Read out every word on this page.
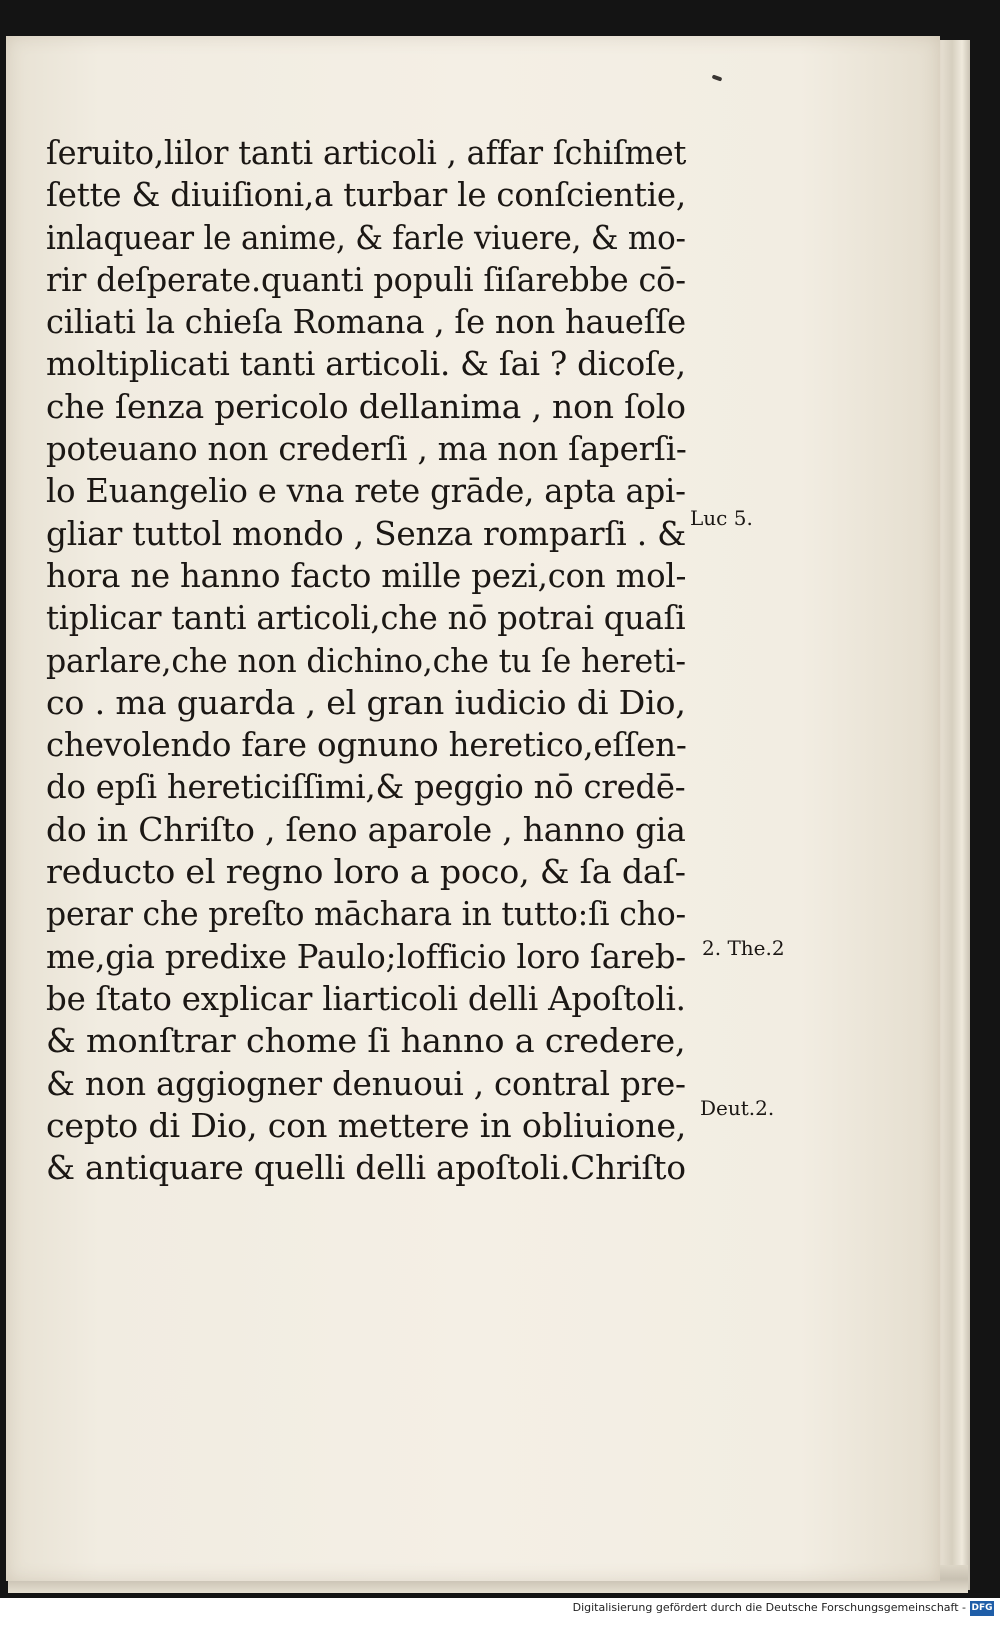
ſeruito,lilor tanti articoli , affar ſchiſmet
ſette & diuiſioni,a turbar le conſcientie,
inlaquear le anime, & farle viuere, & mo-
rir deſperate.quanti populi ſiſarebbe cō-
ciliati la chieſa Romana , ſe non haueſſe
moltiplicati tanti articoli. & ſai ? dicoſe,
che ſenza pericolo dellanima , non ſolo
poteuano non crederſi , ma non ſaperſi-
lo Euangelio e vna rete grāde, apta api-
gliar tuttol mondo , Senza romparſi . &
hora ne hanno facto mille pezi,con mol-
tiplicar tanti articoli,che nō potrai quaſi
parlare,che non dichino,che tu ſe hereti-
co . ma guarda , el gran iudicio di Dio,
chevolendo fare ognuno heretico,eſſen-
do epſi hereticiſſimi,& peggio nō credē-
do in Chriſto , ſeno aparole , hanno gia
reducto el regno loro a poco, & ſa daſ-
perar che preſto māchara in tutto:ſi cho-
me,gia predixe Paulo;lofficio loro ſareb-
be ſtato explicar liarticoli delli Apoſtoli.
& monſtrar chome ſi hanno a credere,
& non aggiogner denuoui , contral pre-
cepto di Dio, con mettere in obliuione,
& antiquare quelli delli apoſtoli.Chriſto
Luc 5.
2. The.2
Deut.2.
Digitalisierung gefördert durch die Deutsche Forschungsgemeinschaft - DFG
